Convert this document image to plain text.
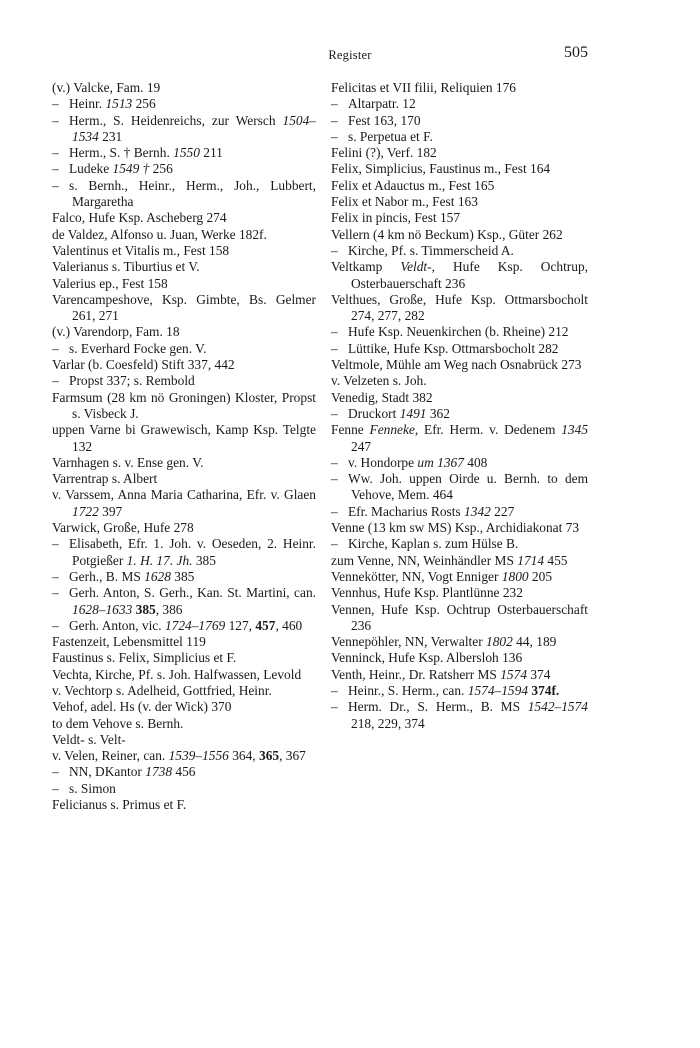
Register	505

(v.) Valcke, Fam. 19

– Heinr. 1513 256

– Herm., S. Heidenreichs, zur Wersch 1504–1534 231

– Herm., S. † Bernh. 1550 211

– Ludeke 1549 † 256

– s. Bernh., Heinr., Herm., Joh., Lubbert, Margaretha

Falco, Hufe Ksp. Ascheberg 274

de Valdez, Alfonso u. Juan, Werke 182f.

Valentinus et Vitalis m., Fest 158

Valerianus s. Tiburtius et V.

Valerius ep., Fest 158

Varencampeshove, Ksp. Gimbte, Bs. Gelmer 261, 271

(v.) Varendorp, Fam. 18

– s. Everhard Focke gen. V.

Varlar (b. Coesfeld) Stift 337, 442

– Propst 337; s. Rembold

Farmsum (28 km nö Groningen) Kloster, Propst s. Visbeck J.

uppen Varne bi Grawewisch, Kamp Ksp. Telgte 132

Varnhagen s. v. Ense gen. V.

Varrentrap s. Albert

v. Varssem, Anna Maria Catharina, Efr. v. Glaen 1722 397

Varwick, Große, Hufe 278

– Elisabeth, Efr. 1. Joh. v. Oeseden, 2. Heinr. Potgießer 1. H. 17. Jh. 385

– Gerh., B. MS 1628 385

– Gerh. Anton, S. Gerh., Kan. St. Martini, can. 1628–1633 385, 386

– Gerh. Anton, vic. 1724–1769 127, 457, 460

Fastenzeit, Lebensmittel 119

Faustinus s. Felix, Simplicius et F.

Vechta, Kirche, Pf. s. Joh. Halfwassen, Levold

v. Vechtorp s. Adelheid, Gottfried, Heinr.

Vehof, adel. Hs (v. der Wick) 370

to dem Vehove s. Bernh.

Veldt- s. Velt-

v. Velen, Reiner, can. 1539–1556 364, 365, 367

– NN, DKantor 1738 456

– s. Simon

Felicianus s. Primus et F.

Felicitas et VII filii, Reliquien 176

– Altarpatr. 12

– Fest 163, 170

– s. Perpetua et F.

Felini (?), Verf. 182

Felix, Simplicius, Faustinus m., Fest 164

Felix et Adauctus m., Fest 165

Felix et Nabor m., Fest 163

Felix in pincis, Fest 157

Vellern (4 km nö Beckum) Ksp., Güter 262

– Kirche, Pf. s. Timmerscheid A.

Veltkamp Veldt-, Hufe Ksp. Ochtrup, Osterbauerschaft 236

Velthues, Große, Hufe Ksp. Ottmarsbocholt 274, 277, 282

– Hufe Ksp. Neuenkirchen (b. Rheine) 212

– Lüttike, Hufe Ksp. Ottmarsbocholt 282

Veltmole, Mühle am Weg nach Osnabrück 273

v. Velzeten s. Joh.

Venedig, Stadt 382

– Druckort 1491 362

Fenne Fenneke, Efr. Herm. v. Dedenem 1345 247

– v. Hondorpe um 1367 408

– Ww. Joh. uppen Oirde u. Bernh. to dem Vehove, Mem. 464

– Efr. Macharius Rosts 1342 227

Venne (13 km sw MS) Ksp., Archidiakonat 73

– Kirche, Kaplan s. zum Hülse B.

zum Venne, NN, Weinhändler MS 1714 455

Vennekötter, NN, Vogt Enniger 1800 205

Vennhus, Hufe Ksp. Plantlünne 232

Vennen, Hufe Ksp. Ochtrup Osterbauerschaft 236

Vennepöhler, NN, Verwalter 1802 44, 189

Venninck, Hufe Ksp. Albersloh 136

Venth, Heinr., Dr. Ratsherr MS 1574 374

– Heinr., S. Herm., can. 1574–1594 374f.

– Herm. Dr., S. Herm., B. MS 1542–1574 218, 229, 374
